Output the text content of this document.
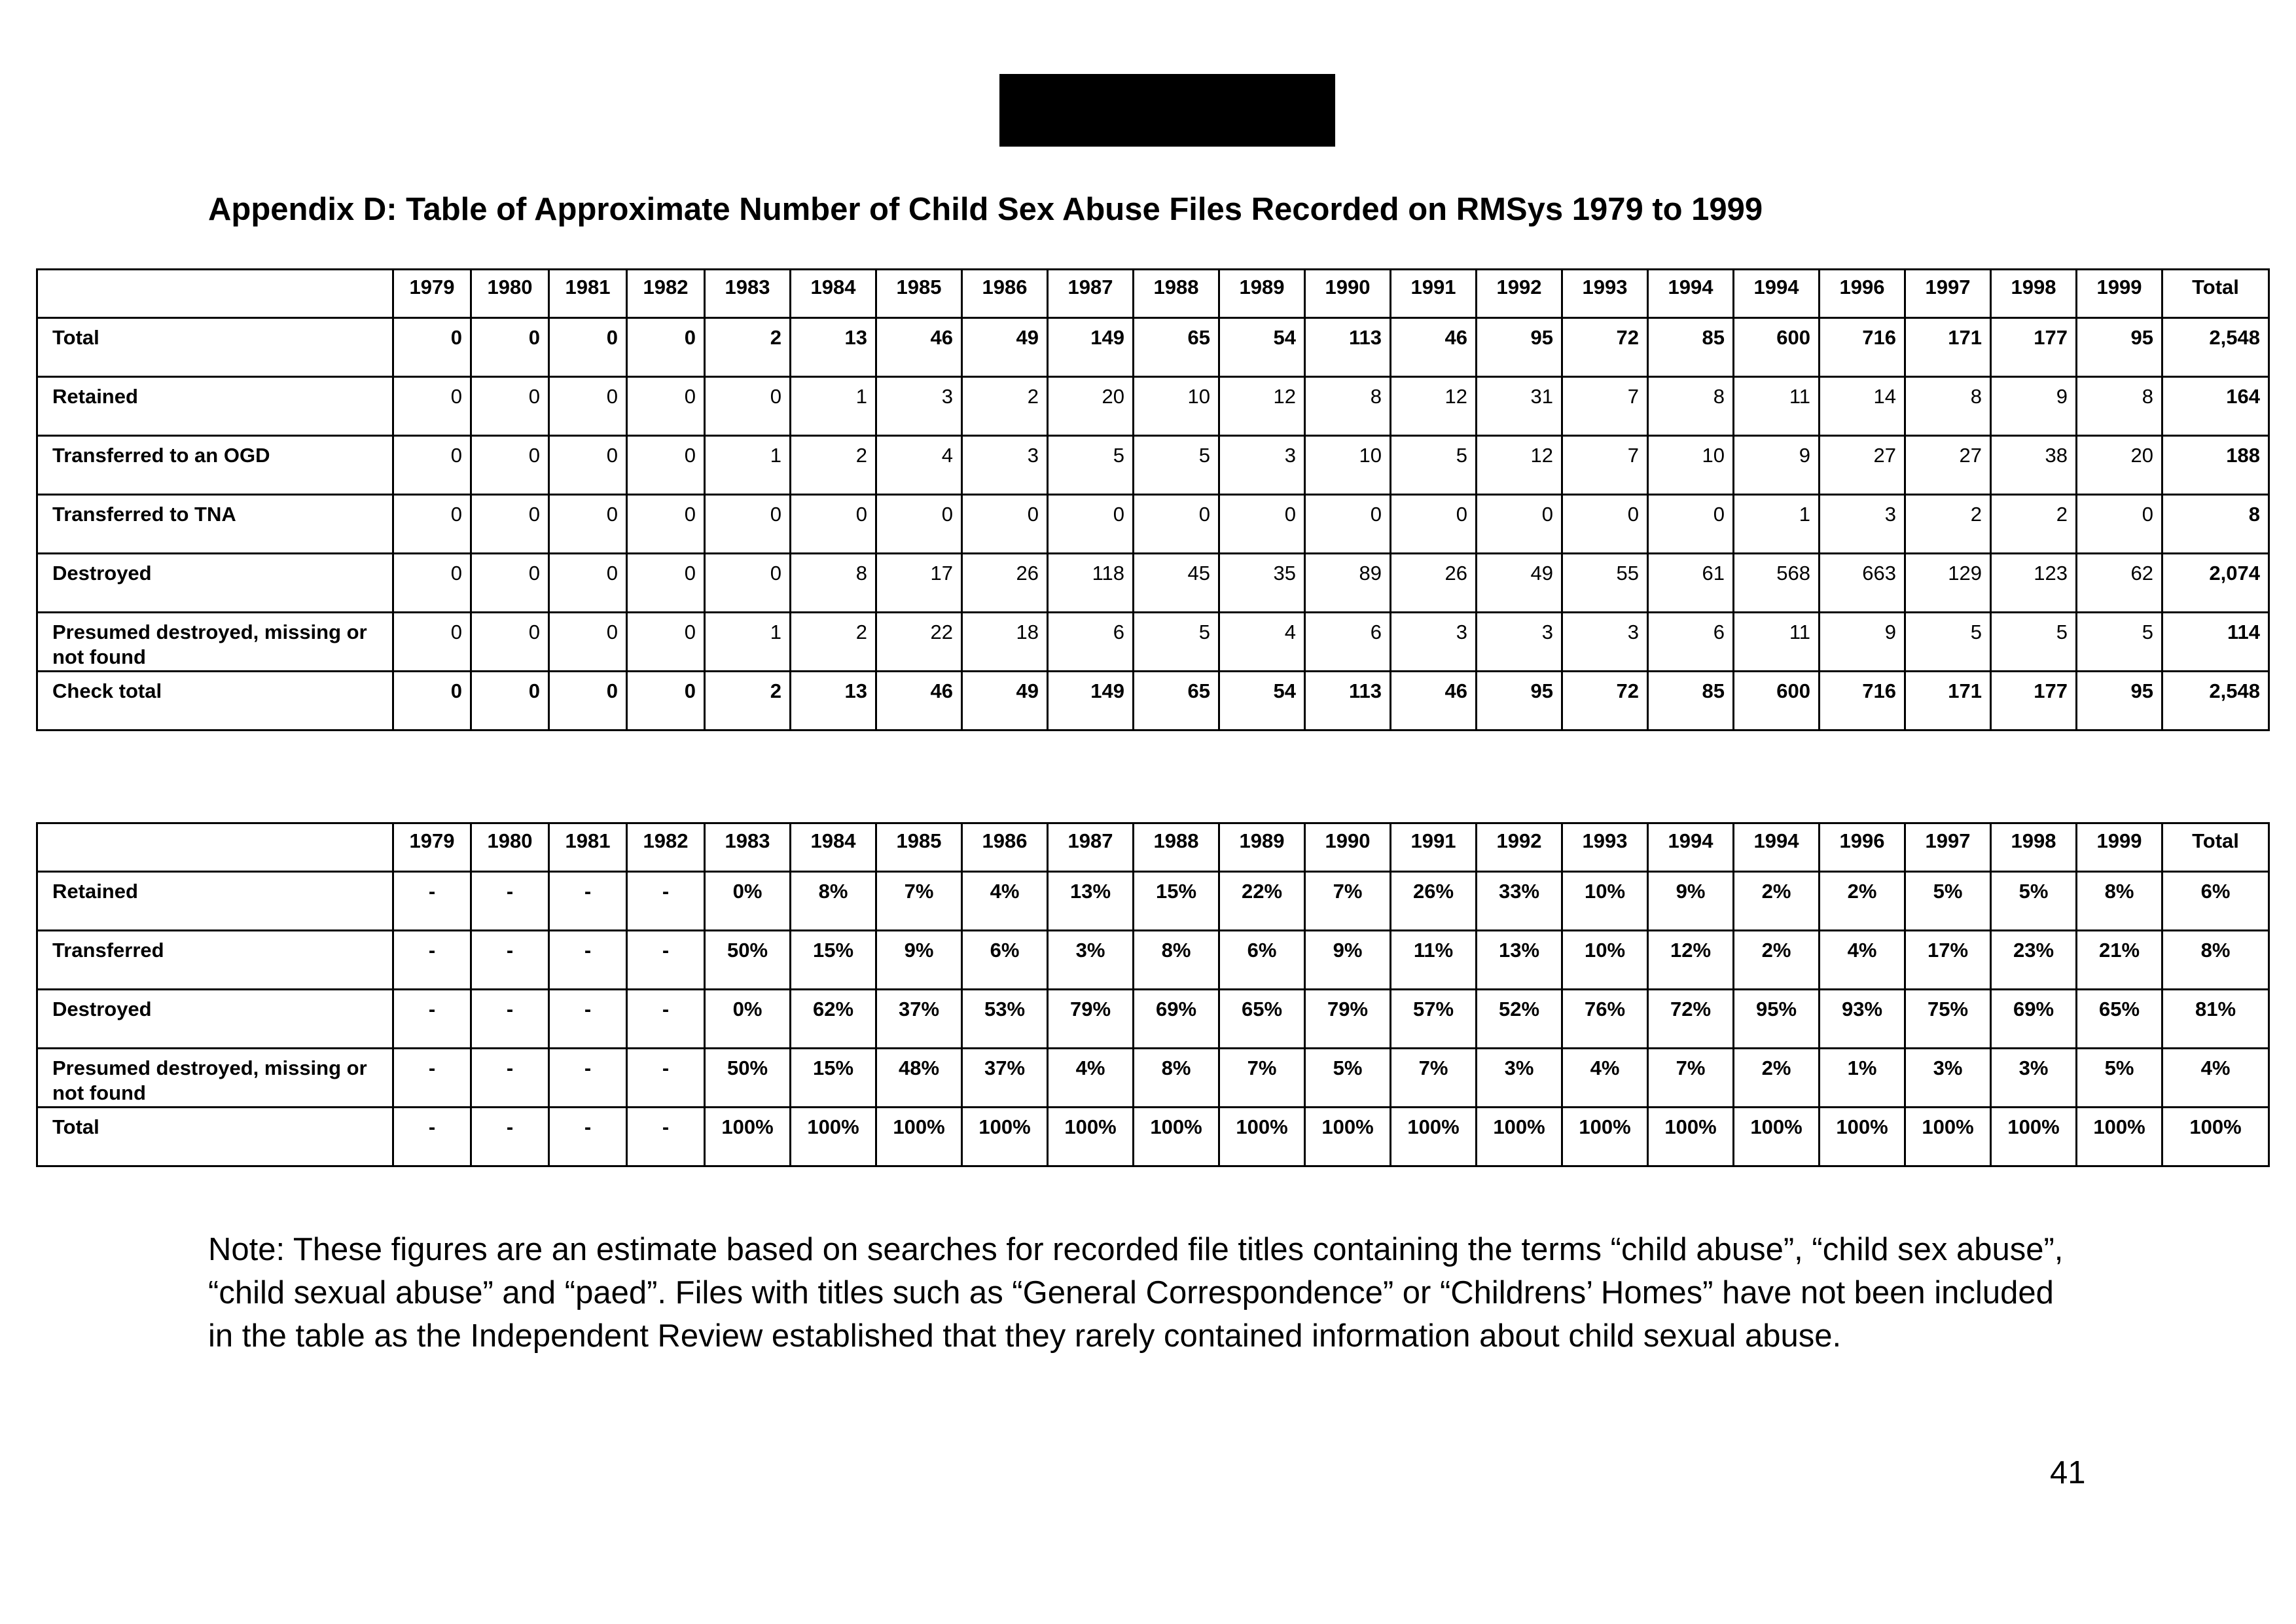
Appendix D: Table of Approximate Number of Child Sex Abuse Files Recorded on RMSys 1979 to 1999
	1979	1980	1981	1982	1983	1984	1985	1986	1987	1988	1989	1990	1991	1992	1993	1994	1994	1996	1997	1998	1999	Total
Total	0	0	0	0	2	13	46	49	149	65	54	113	46	95	72	85	600	716	171	177	95	2,548
Retained	0	0	0	0	0	1	3	2	20	10	12	8	12	31	7	8	11	14	8	9	8	164
Transferred to an OGD	0	0	0	0	1	2	4	3	5	5	3	10	5	12	7	10	9	27	27	38	20	188
Transferred to TNA	0	0	0	0	0	0	0	0	0	0	0	0	0	0	0	0	1	3	2	2	0	8
Destroyed	0	0	0	0	0	8	17	26	118	45	35	89	26	49	55	61	568	663	129	123	62	2,074
Presumed destroyed, missing or not found	0	0	0	0	1	2	22	18	6	5	4	6	3	3	3	6	11	9	5	5	5	114
Check total	0	0	0	0	2	13	46	49	149	65	54	113	46	95	72	85	600	716	171	177	95	2,548
	1979	1980	1981	1982	1983	1984	1985	1986	1987	1988	1989	1990	1991	1992	1993	1994	1994	1996	1997	1998	1999	Total
Retained	-	-	-	-	0%	8%	7%	4%	13%	15%	22%	7%	26%	33%	10%	9%	2%	2%	5%	5%	8%	6%
Transferred	-	-	-	-	50%	15%	9%	6%	3%	8%	6%	9%	11%	13%	10%	12%	2%	4%	17%	23%	21%	8%
Destroyed	-	-	-	-	0%	62%	37%	53%	79%	69%	65%	79%	57%	52%	76%	72%	95%	93%	75%	69%	65%	81%
Presumed destroyed, missing or not found	-	-	-	-	50%	15%	48%	37%	4%	8%	7%	5%	7%	3%	4%	7%	2%	1%	3%	3%	5%	4%
Total	-	-	-	-	100%	100%	100%	100%	100%	100%	100%	100%	100%	100%	100%	100%	100%	100%	100%	100%	100%	100%

Note: These figures are an estimate based on searches for recorded file titles containing the terms “child abuse”, “child sex abuse”, “child sexual abuse” and “paed”. Files with titles such as “General Correspondence” or “Childrens’ Homes” have not been included in the table as the Independent Review established that they rarely contained information about child sexual abuse.

41
